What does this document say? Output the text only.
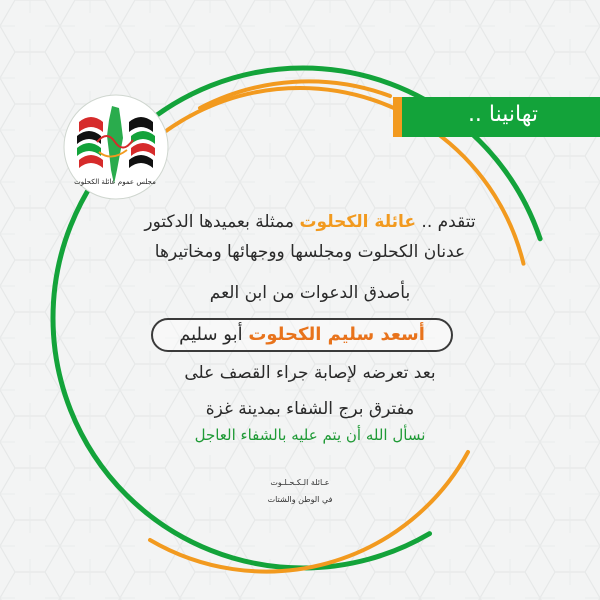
تهانينا ..
مجلس عموم عائلة الكحلوت
تتقدم .. عائلة الكحلوت ممثلة بعميدها الدكتور
عدنان الكحلوت ومجلسها ووجهائها ومخاتيرها
بأصدق الدعوات من ابن العم
أسعد سليم الكحلوت أبو سليم
بعد تعرضه لإصابة جراء القصف على
مفترق برج الشفاء بمدينة غزة
نسأل الله أن يتم عليه بالشفاء العاجل
عـائلة الـكـحـلـوت
في الوطن والشتات
